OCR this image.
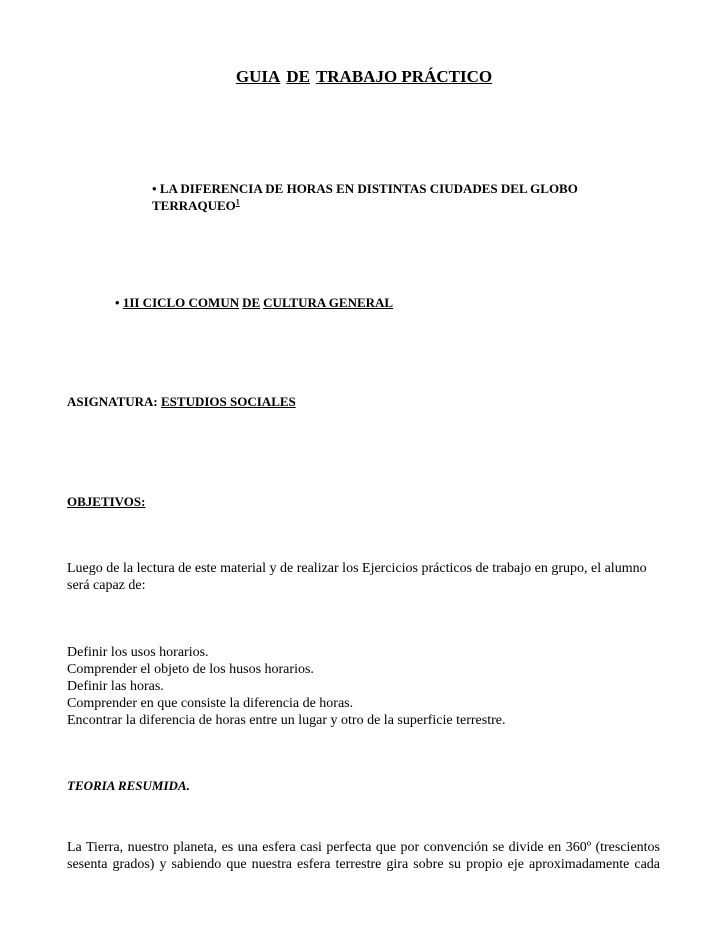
GUIA DE TRABAJO PRÁCTICO
• LA DIFERENCIA DE HORAS EN DISTINTAS CIUDADES DEL GLOBO TERRAQUEO$^1$
• 1II CICLO COMUN DE CULTURA GENERAL
ASIGNATURA: ESTUDIOS SOCIALES
OBJETIVOS:
Luego de la lectura de este material y de realizar los Ejercicios prácticos de trabajo en grupo, el alumno será capaz de:
Definir los usos horarios.
Comprender el objeto de los husos horarios.
Definir las horas.
Comprender en que consiste la diferencia de horas.
Encontrar la diferencia de horas entre un lugar y otro de la superficie terrestre.
TEORIA RESUMIDA.
La Tierra, nuestro planeta, es una esfera casi perfecta que por convención se divide en 360º (trescientos
sesenta grados) y sabiendo que nuestra esfera terrestre gira sobre su propio eje aproximadamente cada
